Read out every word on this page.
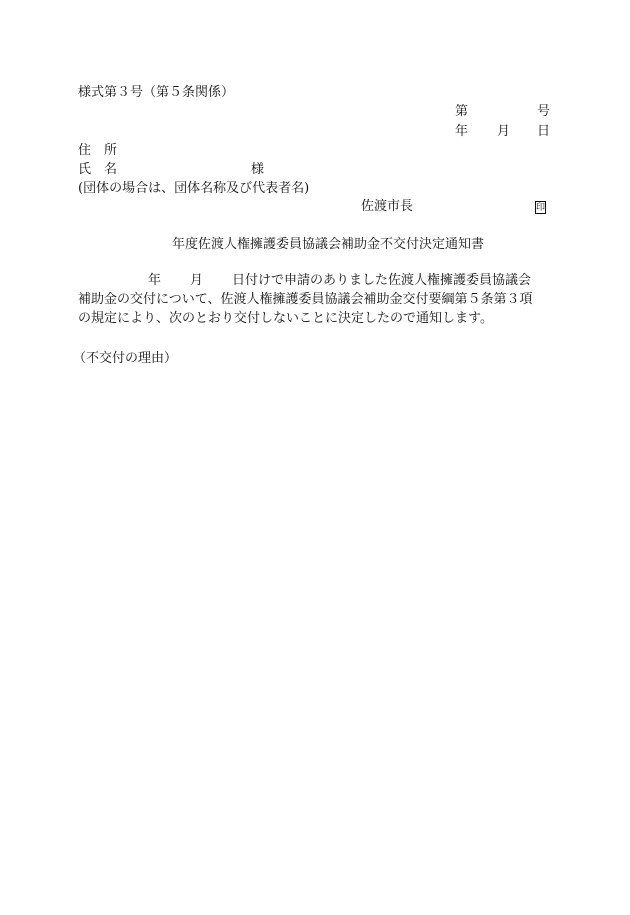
様式第３号（第５条関係）
第	号
年 月 日
住　所
氏　名	様
(団体の場合は、団体名称及び代表者名)
佐渡市長	印
年度佐渡人権擁護委員協議会補助金不交付決定通知書
年 月 日付けで申請のありました佐渡人権擁護委員協議会
補助金の交付について、佐渡人権擁護委員協議会補助金交付要綱第５条第３項
の規定により、次のとおり交付しないことに決定したので通知します。
（不交付の理由）
